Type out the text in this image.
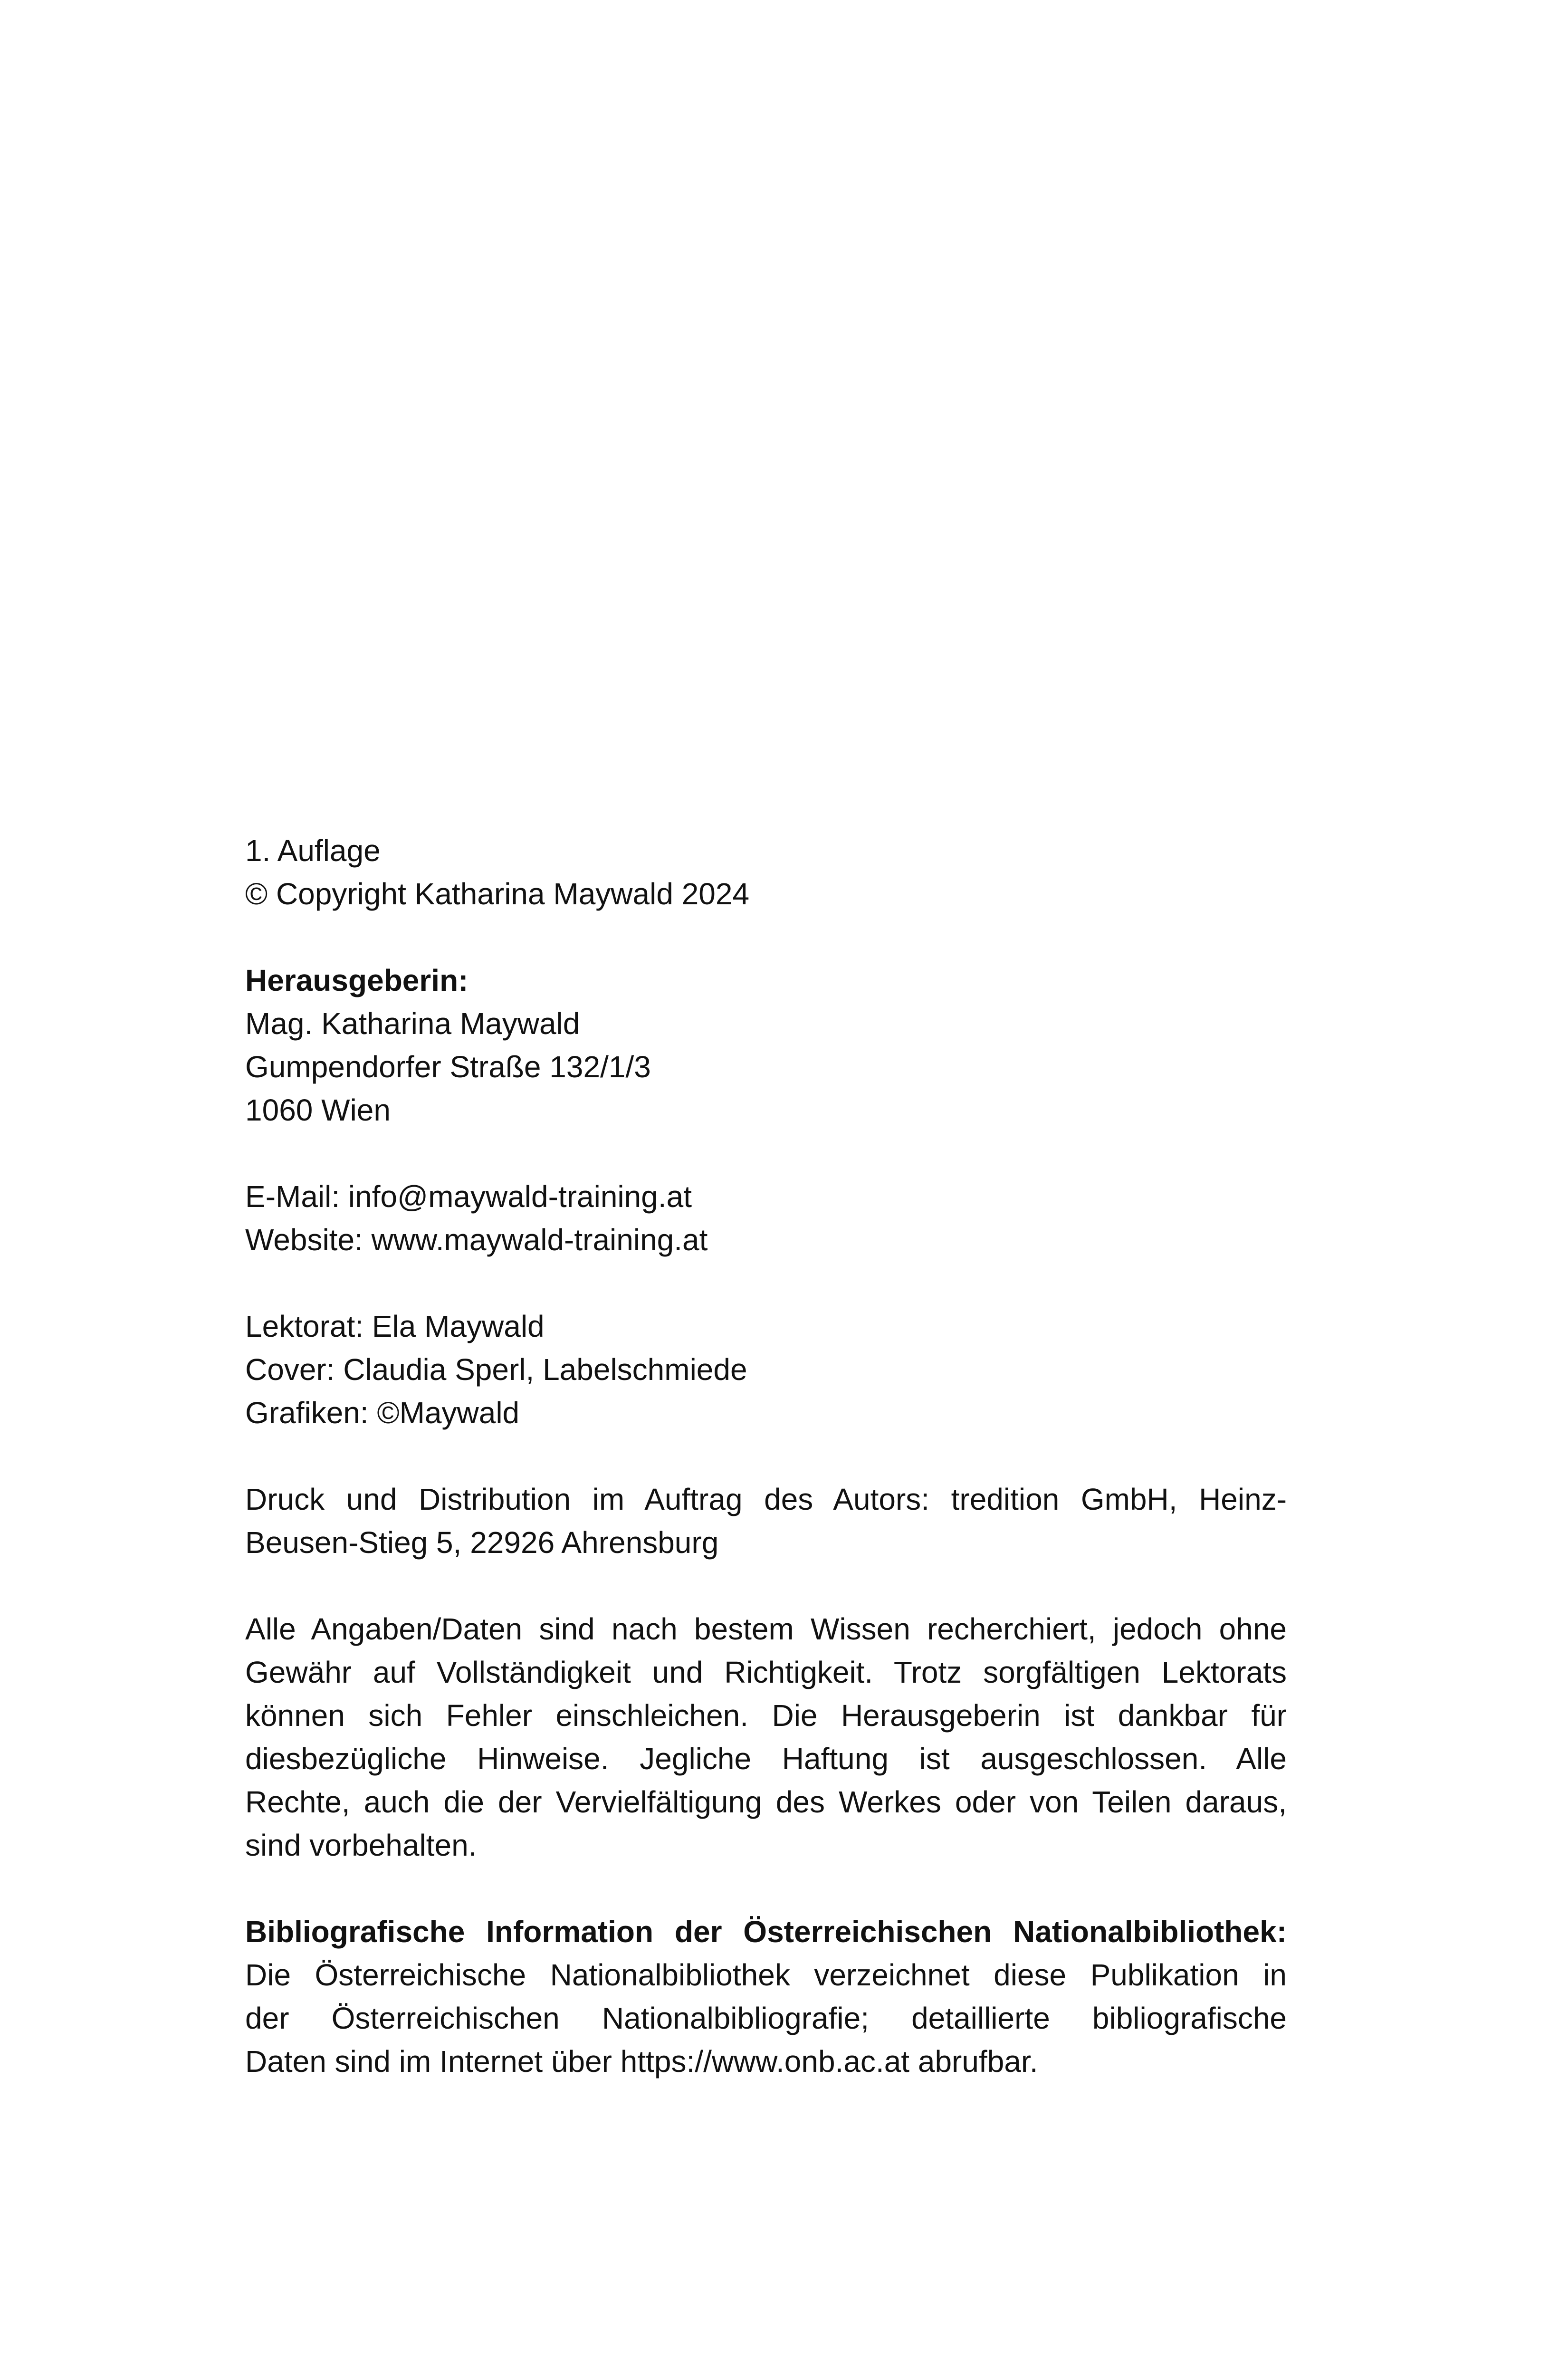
1. Auflage
© Copyright Katharina Maywald 2024
Herausgeberin:
Mag. Katharina Maywald
Gumpendorfer Straße 132/1/3
1060 Wien
E-Mail: info@maywald-training.at
Website: www.maywald-training.at
Lektorat: Ela Maywald
Cover: Claudia Sperl, Labelschmiede
Grafiken: ©Maywald
Druck und Distribution im Auftrag des Autors: tredition GmbH, Heinz-
Beusen-Stieg 5, 22926 Ahrensburg
Alle Angaben/Daten sind nach bestem Wissen recherchiert, jedoch ohne
Gewähr auf Vollständigkeit und Richtigkeit. Trotz sorgfältigen Lektorats
können sich Fehler einschleichen. Die Herausgeberin ist dankbar für
diesbezügliche Hinweise. Jegliche Haftung ist ausgeschlossen. Alle
Rechte, auch die der Vervielfältigung des Werkes oder von Teilen daraus,
sind vorbehalten.
Bibliografische Information der Österreichischen Nationalbibliothek:
Die Österreichische Nationalbibliothek verzeichnet diese Publikation in
der Österreichischen Nationalbibliografie; detaillierte bibliografische
Daten sind im Internet über https://www.onb.ac.at abrufbar.
